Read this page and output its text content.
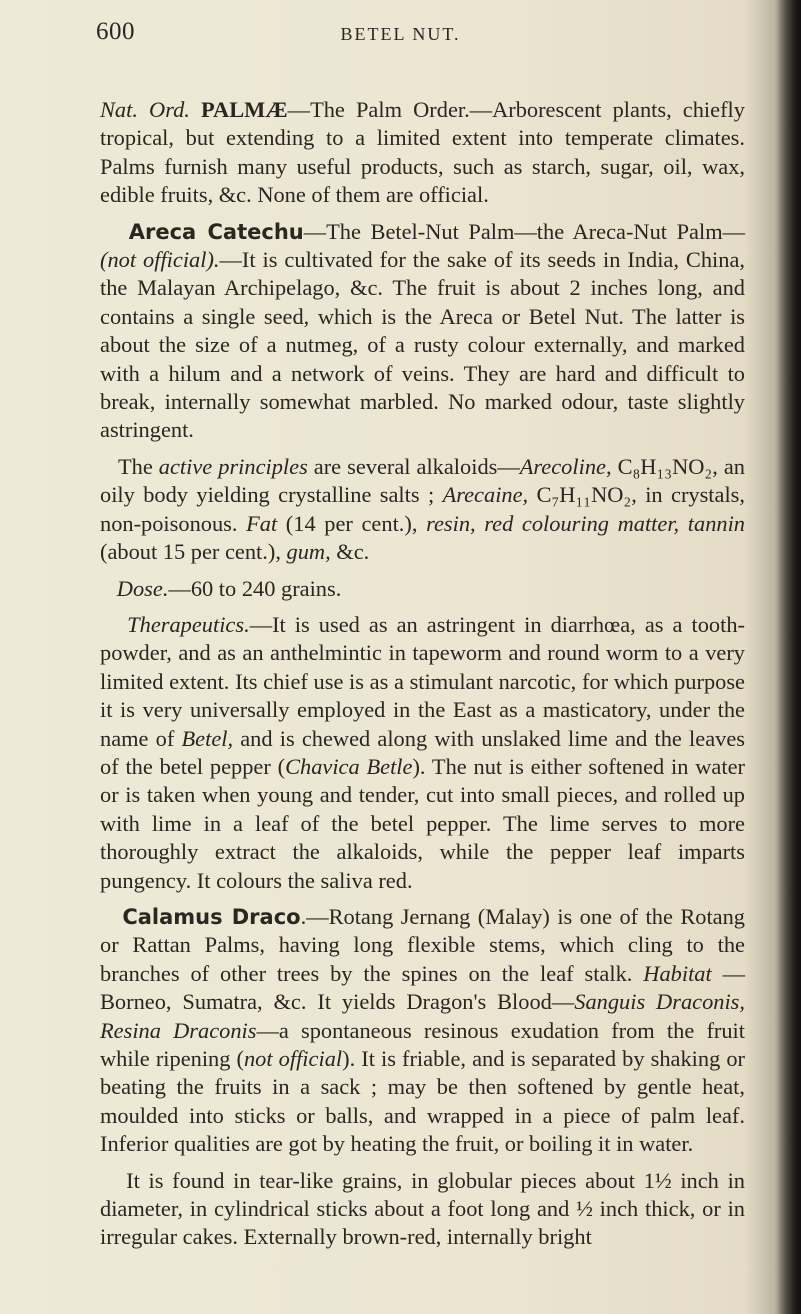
600	BETEL NUT.

Nat. Ord. PALMÆ—The Palm Order.—Arborescent plants, chiefly tropical, but extending to a limited extent into temperate climates. Palms furnish many useful products, such as starch, sugar, oil, wax, edible fruits, &c. None of them are official.

Areca Catechu—The Betel-Nut Palm—the Areca-Nut Palm—(not official).—It is cultivated for the sake of its seeds in India, China, the Malayan Archipelago, &c. The fruit is about 2 inches long, and contains a single seed, which is the Areca or Betel Nut. The latter is about the size of a nutmeg, of a rusty colour externally, and marked with a hilum and a network of veins. They are hard and difficult to break, internally somewhat marbled. No marked odour, taste slightly astringent.

The active principles are several alkaloids—Arecoline, C₈H₁₃NO₂, an oily body yielding crystalline salts ; Arecaine, C₇H₁₁NO₂, in crystals, non-poisonous. Fat (14 per cent.), resin, red colouring matter, tannin (about 15 per cent.), gum, &c.

Dose.—60 to 240 grains.

Therapeutics.—It is used as an astringent in diarrhœa, as a tooth-powder, and as an anthelmintic in tapeworm and round worm to a very limited extent. Its chief use is as a stimulant narcotic, for which purpose it is very universally employed in the East as a masticatory, under the name of Betel, and is chewed along with unslaked lime and the leaves of the betel pepper (Chavica Betle). The nut is either softened in water or is taken when young and tender, cut into small pieces, and rolled up with lime in a leaf of the betel pepper. The lime serves to more thoroughly extract the alkaloids, while the pepper leaf imparts pungency. It colours the saliva red.

Calamus Draco.—Rotang Jernang (Malay) is one of the Rotang or Rattan Palms, having long flexible stems, which cling to the branches of other trees by the spines on the leaf stalk. Habitat —Borneo, Sumatra, &c. It yields Dragon's Blood—Sanguis Draconis, Resina Draconis—a spontaneous resinous exudation from the fruit while ripening (not official). It is friable, and is separated by shaking or beating the fruits in a sack ; may be then softened by gentle heat, moulded into sticks or balls, and wrapped in a piece of palm leaf. Inferior qualities are got by heating the fruit, or boiling it in water.

It is found in tear-like grains, in globular pieces about 1½ inch in diameter, in cylindrical sticks about a foot long and ½ inch thick, or in irregular cakes. Externally brown-red, internally bright
